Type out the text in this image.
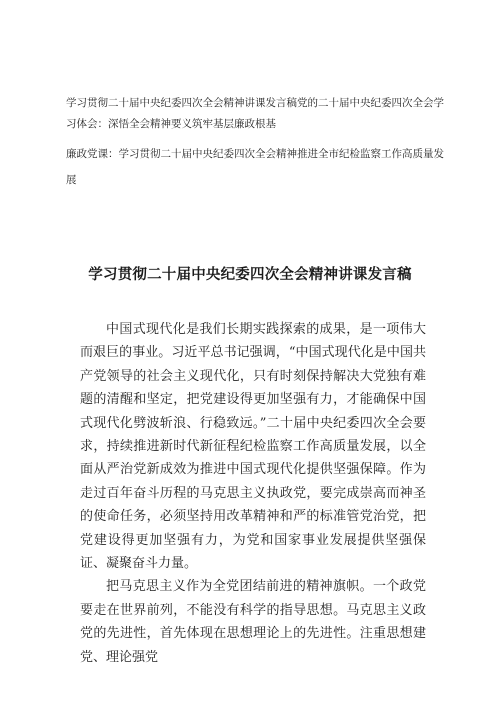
学习贯彻二十届中央纪委四次全会精神讲课发言稿党的二十届中央纪委四次全会学习体会：深悟全会精神要义筑牢基层廉政根基

廉政党课：学习贯彻二十届中央纪委四次全会精神推进全市纪检监察工作高质量发展

学习贯彻二十届中央纪委四次全会精神讲课发言稿

中国式现代化是我们长期实践探索的成果，是一项伟大而艰巨的事业。习近平总书记强调，“中国式现代化是中国共产党领导的社会主义现代化，只有时刻保持解决大党独有难题的清醒和坚定，把党建设得更加坚强有力，才能确保中国式现代化劈波斩浪、行稳致远。”二十届中央纪委四次全会要求，持续推进新时代新征程纪检监察工作高质量发展，以全面从严治党新成效为推进中国式现代化提供坚强保障。作为走过百年奋斗历程的马克思主义执政党，要完成崇高而神圣的使命任务，必须坚持用改革精神和严的标准管党治党，把党建设得更加坚强有力，为党和国家事业发展提供坚强保证、凝聚奋斗力量。

把马克思主义作为全党团结前进的精神旗帜。一个政党要走在世界前列，不能没有科学的指导思想。马克思主义政党的先进性，首先体现在思想理论上的先进性。注重思想建党、理论强党
